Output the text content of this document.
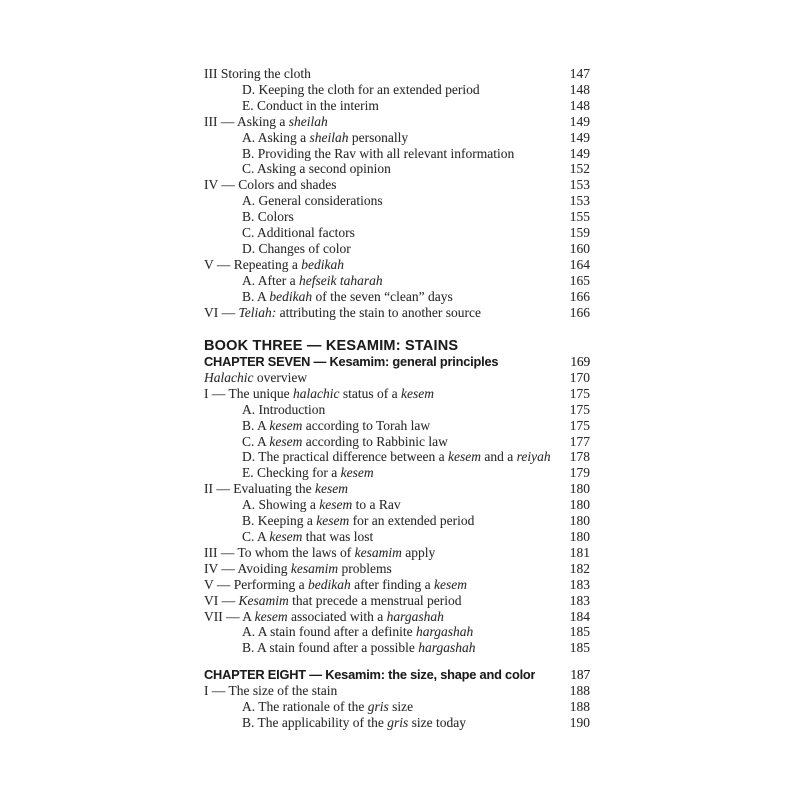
III Storing the cloth	147
D. Keeping the cloth for an extended period	148
E. Conduct in the interim	148
III — Asking a sheilah	149
A. Asking a sheilah personally	149
B. Providing the Rav with all relevant information	149
C. Asking a second opinion	152
IV — Colors and shades	153
A. General considerations	153
B. Colors	155
C. Additional factors	159
D. Changes of color	160
V — Repeating a bedikah	164
A. After a hefseik taharah	165
B. A bedikah of the seven “clean” days	166
VI — Teliah: attributing the stain to another source	166
BOOK THREE — KESAMIM: STAINS
CHAPTER SEVEN — Kesamim: general principles	169
Halachic overview	170
I — The unique halachic status of a kesem	175
A. Introduction	175
B. A kesem according to Torah law	175
C. A kesem according to Rabbinic law	177
D. The practical difference between a kesem and a reiyah	178
E. Checking for a kesem	179
II — Evaluating the kesem	180
A. Showing a kesem to a Rav	180
B. Keeping a kesem for an extended period	180
C. A kesem that was lost	180
III — To whom the laws of kesamim apply	181
IV — Avoiding kesamim problems	182
V — Performing a bedikah after finding a kesem	183
VI — Kesamim that precede a menstrual period	183
VII — A kesem associated with a hargashah	184
A. A stain found after a definite hargashah	185
B. A stain found after a possible hargashah	185
CHAPTER EIGHT — Kesamim: the size, shape and color	187
I — The size of the stain	188
A. The rationale of the gris size	188
B. The applicability of the gris size today	190
